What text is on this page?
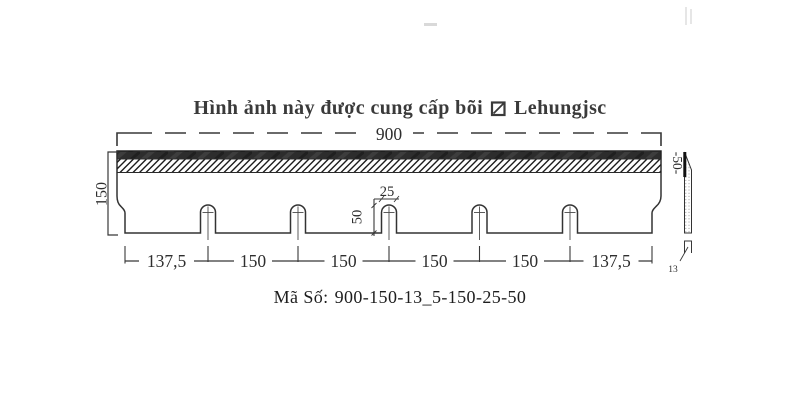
900
150	25
50
137,5	150	150	150	150	137,5
-50-
13
Hình ảnh này được cung cấp bõi Lehungjsc
Mã Số: 900-150-13_5-150-25-50
